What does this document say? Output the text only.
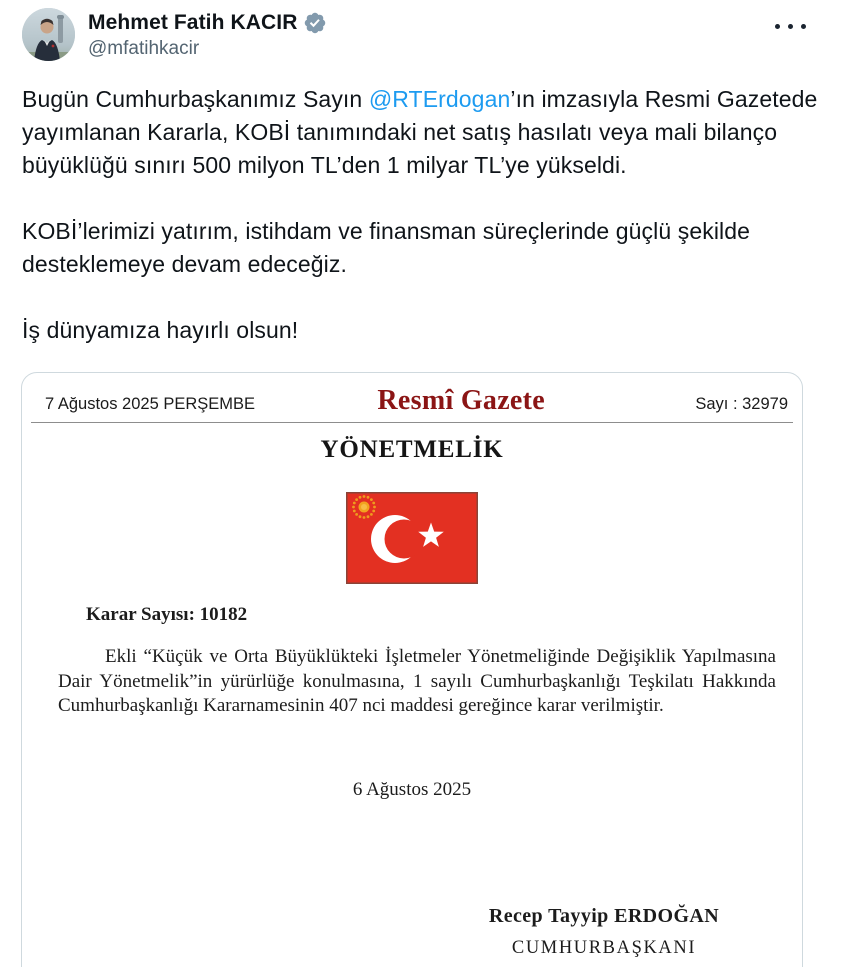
Mehmet Fatih KACIR
@mfatihkacir

Bugün Cumhurbaşkanımız Sayın @RTErdogan’ın imzasıyla Resmi Gazetede yayımlanan Kararla, KOBİ tanımındaki net satış hasılatı veya mali bilanço büyüklüğü sınırı 500 milyon TL’den 1 milyar TL’ye yükseldi.

KOBİ’lerimizi yatırım, istihdam ve finansman süreçlerinde güçlü şekilde desteklemeye devam edeceğiz.

İş dünyamıza hayırlı olsun!

7 Ağustos 2025 PERŞEMBE	Resmî Gazete	Sayı : 32979
YÖNETMELİK
Karar Sayısı: 10182

Ekli “Küçük ve Orta Büyüklükteki İşletmeler Yönetmeliğinde Değişiklik Yapılmasına Dair Yönetmelik”in yürürlüğe konulmasına, 1 sayılı Cumhurbaşkanlığı Teşkilatı Hakkında Cumhurbaşkanlığı Kararnamesinin 407 nci maddesi gereğince karar verilmiştir.

6 Ağustos 2025
Recep Tayyip ERDOĞAN
CUMHURBAŞKANI
